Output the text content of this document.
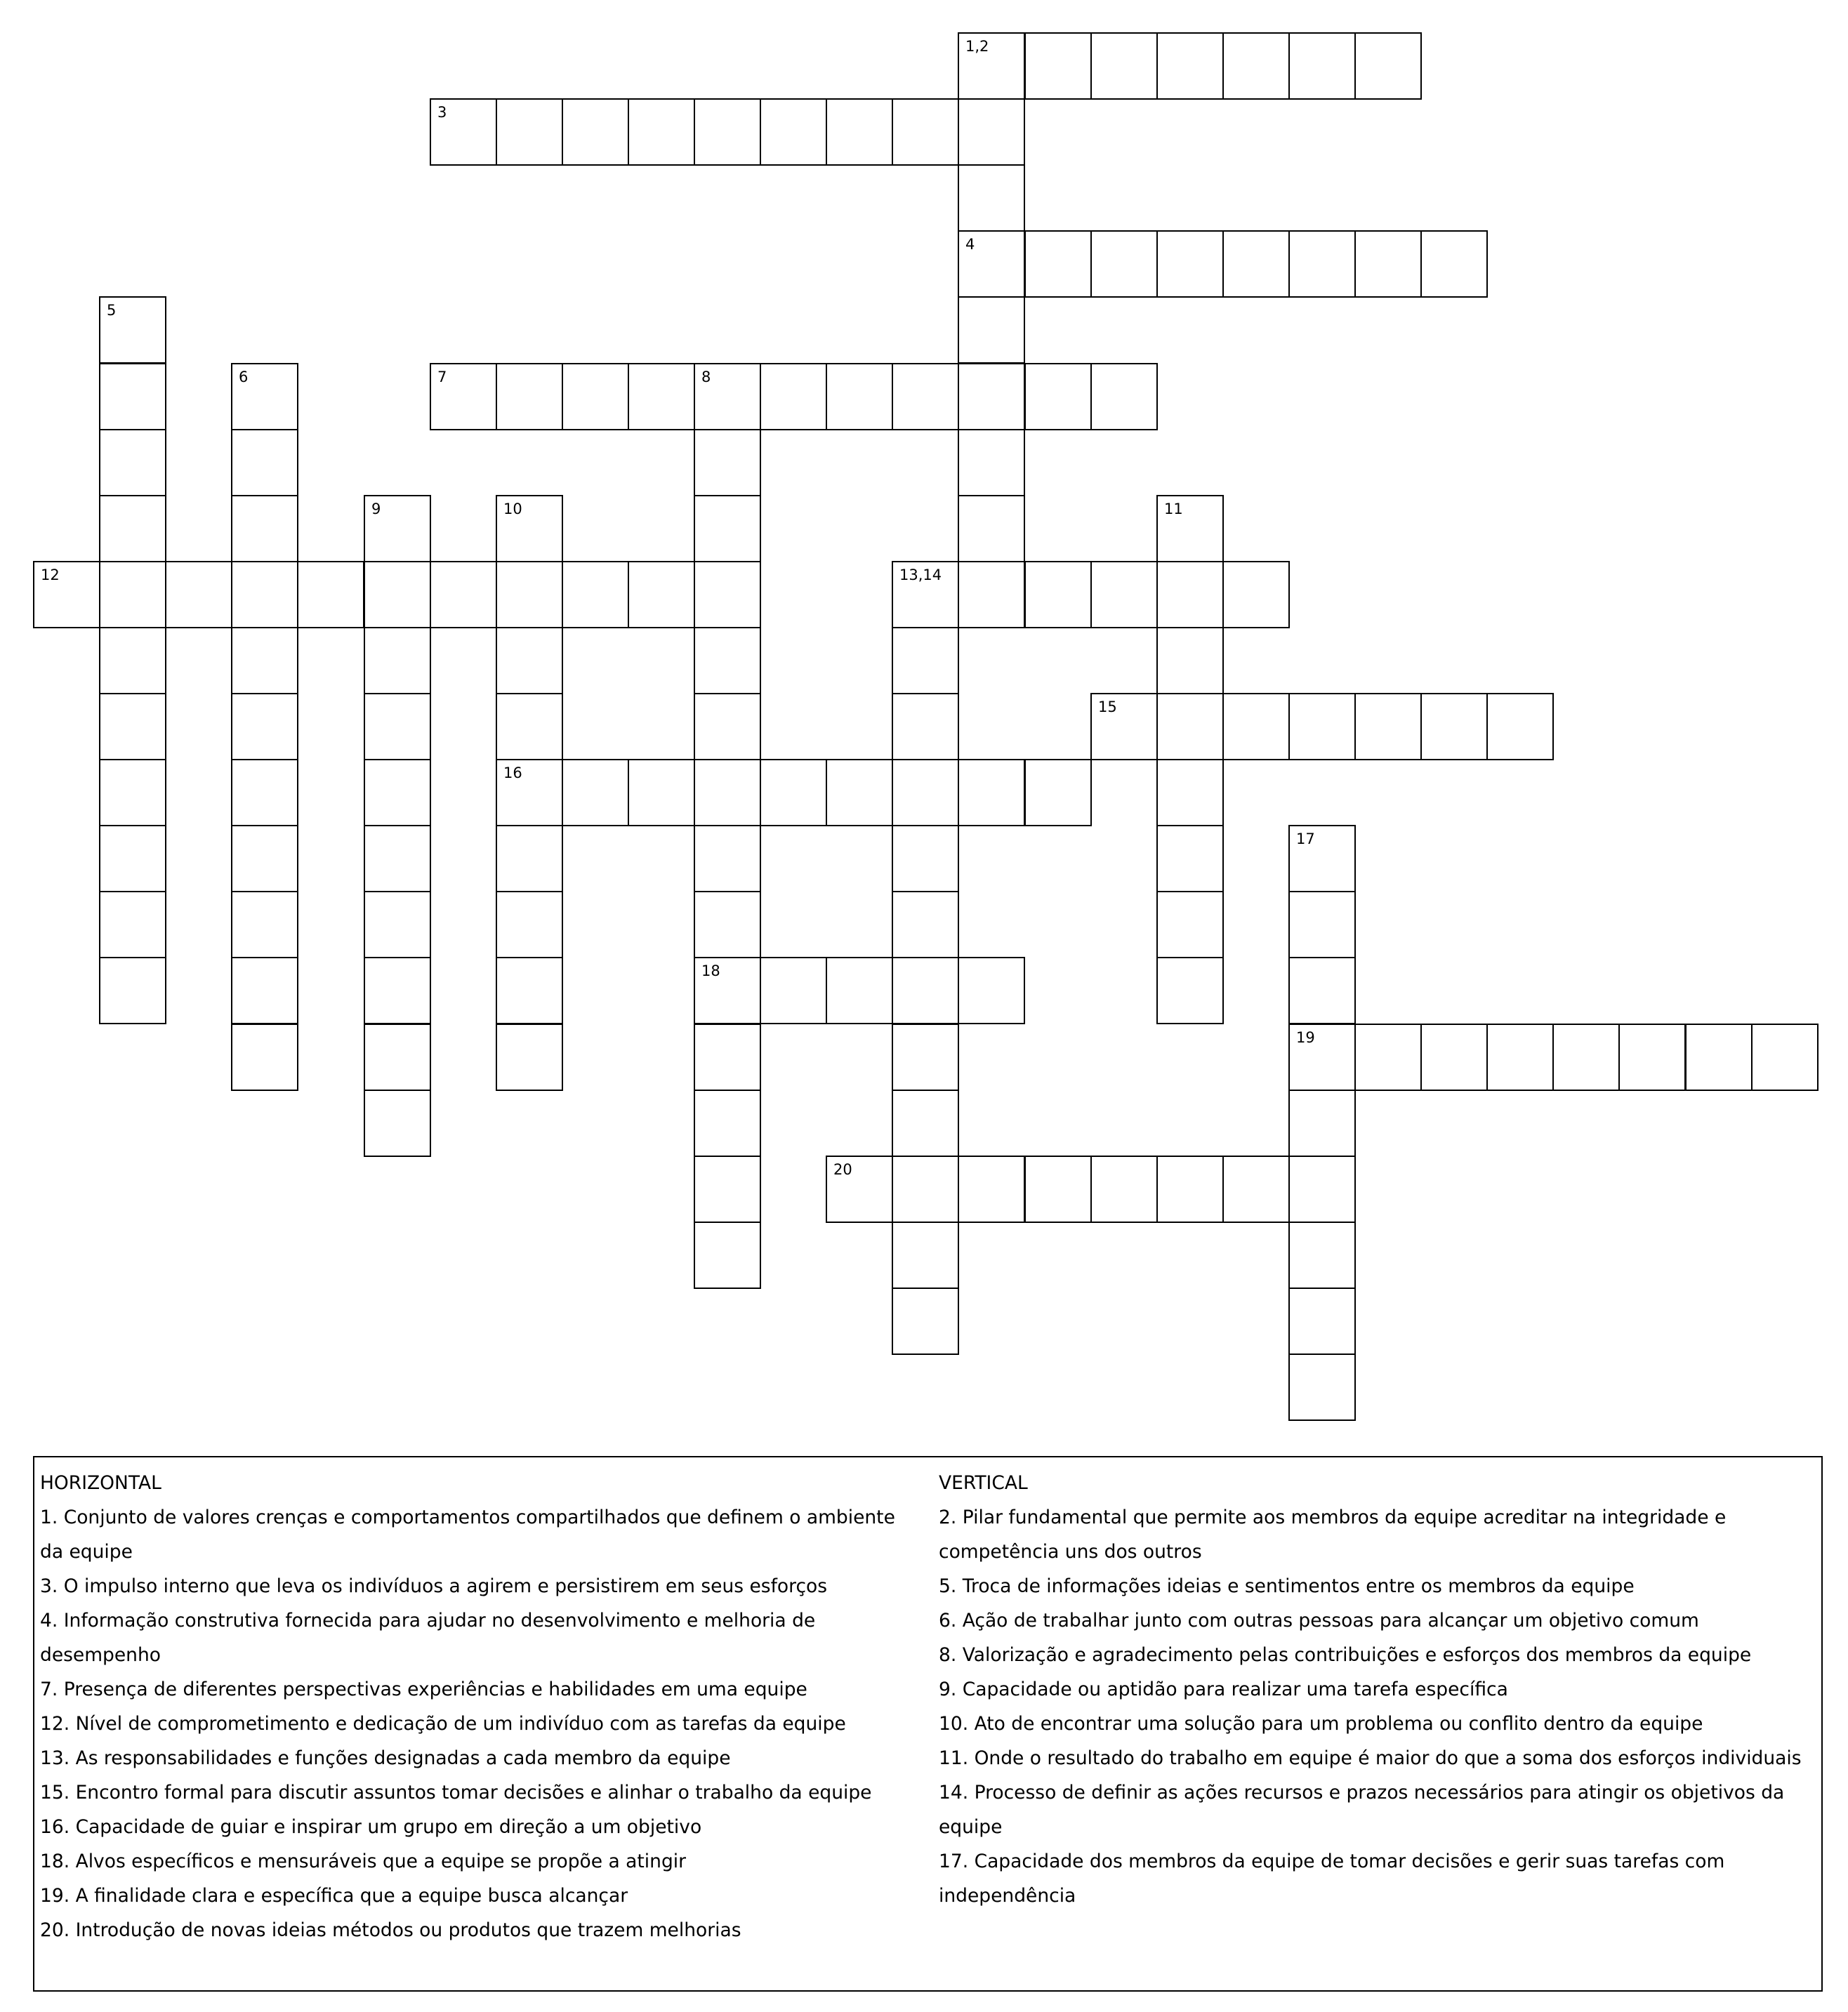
1,2
3
4
5
6	7	8
9	10	11
12	13,14
15
16
17
18
19
20
HORIZONTAL
1. Conjunto de valores crenças e comportamentos compartilhados que definem o ambiente da equipe
3. O impulso interno que leva os indivíduos a agirem e persistirem em seus esforços
4. Informação construtiva fornecida para ajudar no desenvolvimento e melhoria de desempenho
7. Presença de diferentes perspectivas experiências e habilidades em uma equipe
12. Nível de comprometimento e dedicação de um indivíduo com as tarefas da equipe
13. As responsabilidades e funções designadas a cada membro da equipe
15. Encontro formal para discutir assuntos tomar decisões e alinhar o trabalho da equipe
16. Capacidade de guiar e inspirar um grupo em direção a um objetivo
18. Alvos específicos e mensuráveis que a equipe se propõe a atingir
19. A finalidade clara e específica que a equipe busca alcançar
20. Introdução de novas ideias métodos ou produtos que trazem melhorias
VERTICAL
2. Pilar fundamental que permite aos membros da equipe acreditar na integridade e competência uns dos outros
5. Troca de informações ideias e sentimentos entre os membros da equipe
6. Ação de trabalhar junto com outras pessoas para alcançar um objetivo comum
8. Valorização e agradecimento pelas contribuições e esforços dos membros da equipe
9. Capacidade ou aptidão para realizar uma tarefa específica
10. Ato de encontrar uma solução para um problema ou conflito dentro da equipe
11. Onde o resultado do trabalho em equipe é maior do que a soma dos esforços individuais
14. Processo de definir as ações recursos e prazos necessários para atingir os objetivos da equipe
17. Capacidade dos membros da equipe de tomar decisões e gerir suas tarefas com independência
